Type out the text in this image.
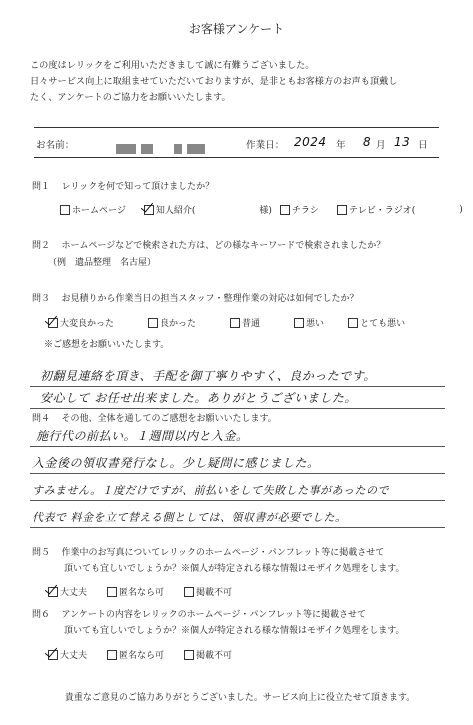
お客様アンケート
この度はレリックをご利用いただきまして誠に有難うございました。
日々サービス向上に取組ませていただいておりますが、是非ともお客様方のお声も頂戴し
たく、アンケートのご協力をお願いいたします。
お名前：
	作業日： 2024 年 8 月 13 日
問１ レリックを何で知って頂けましたか？
ホームページ	知人紹介(	様) チラシ	テレビ・ラジオ(	)
問２ ホームページなどで検索された方は、どの様なキーワードで検索されましたか？
（例　遺品整理　名古屋）
問３ お見積りから作業当日の担当スタッフ・整理作業の対応は如何でしたか？
大変良かった	良かった	普通	悪い	とても悪い
※ご感想をお願いいたします。
初翻見連絡を頂き、手配を御丁寧りやすく、良かったです。
安心して お任せ出来ました。ありがとうございました。
問４ その他、全体を通してのご感想をお願いいたします。
施行代の前払い。１週間以内と入金。
入金後の領収書発行なし。少し疑問に感じました。
すみません。１度だけですが、前払いをして失敗した事があったので
代表で 料金を立て替える側としては、領収書が必要でした。
問５ 作業中のお写真についてレリックのホームページ・パンフレット等に掲載させて
頂いても宜しいでしょうか？※個人が特定される様な情報はモザイク処理をします。
大丈夫	匿名なら可	掲載不可
問６ アンケートの内容をレリックのホームページ・パンフレット等に掲載させて
頂いても宜しいでしょうか？※個人が特定される様な情報はモザイク処理をします。
大丈夫	匿名なら可	掲載不可
貴重なご意見のご協力ありがとうございました。サービス向上に役立たせて頂きます。
